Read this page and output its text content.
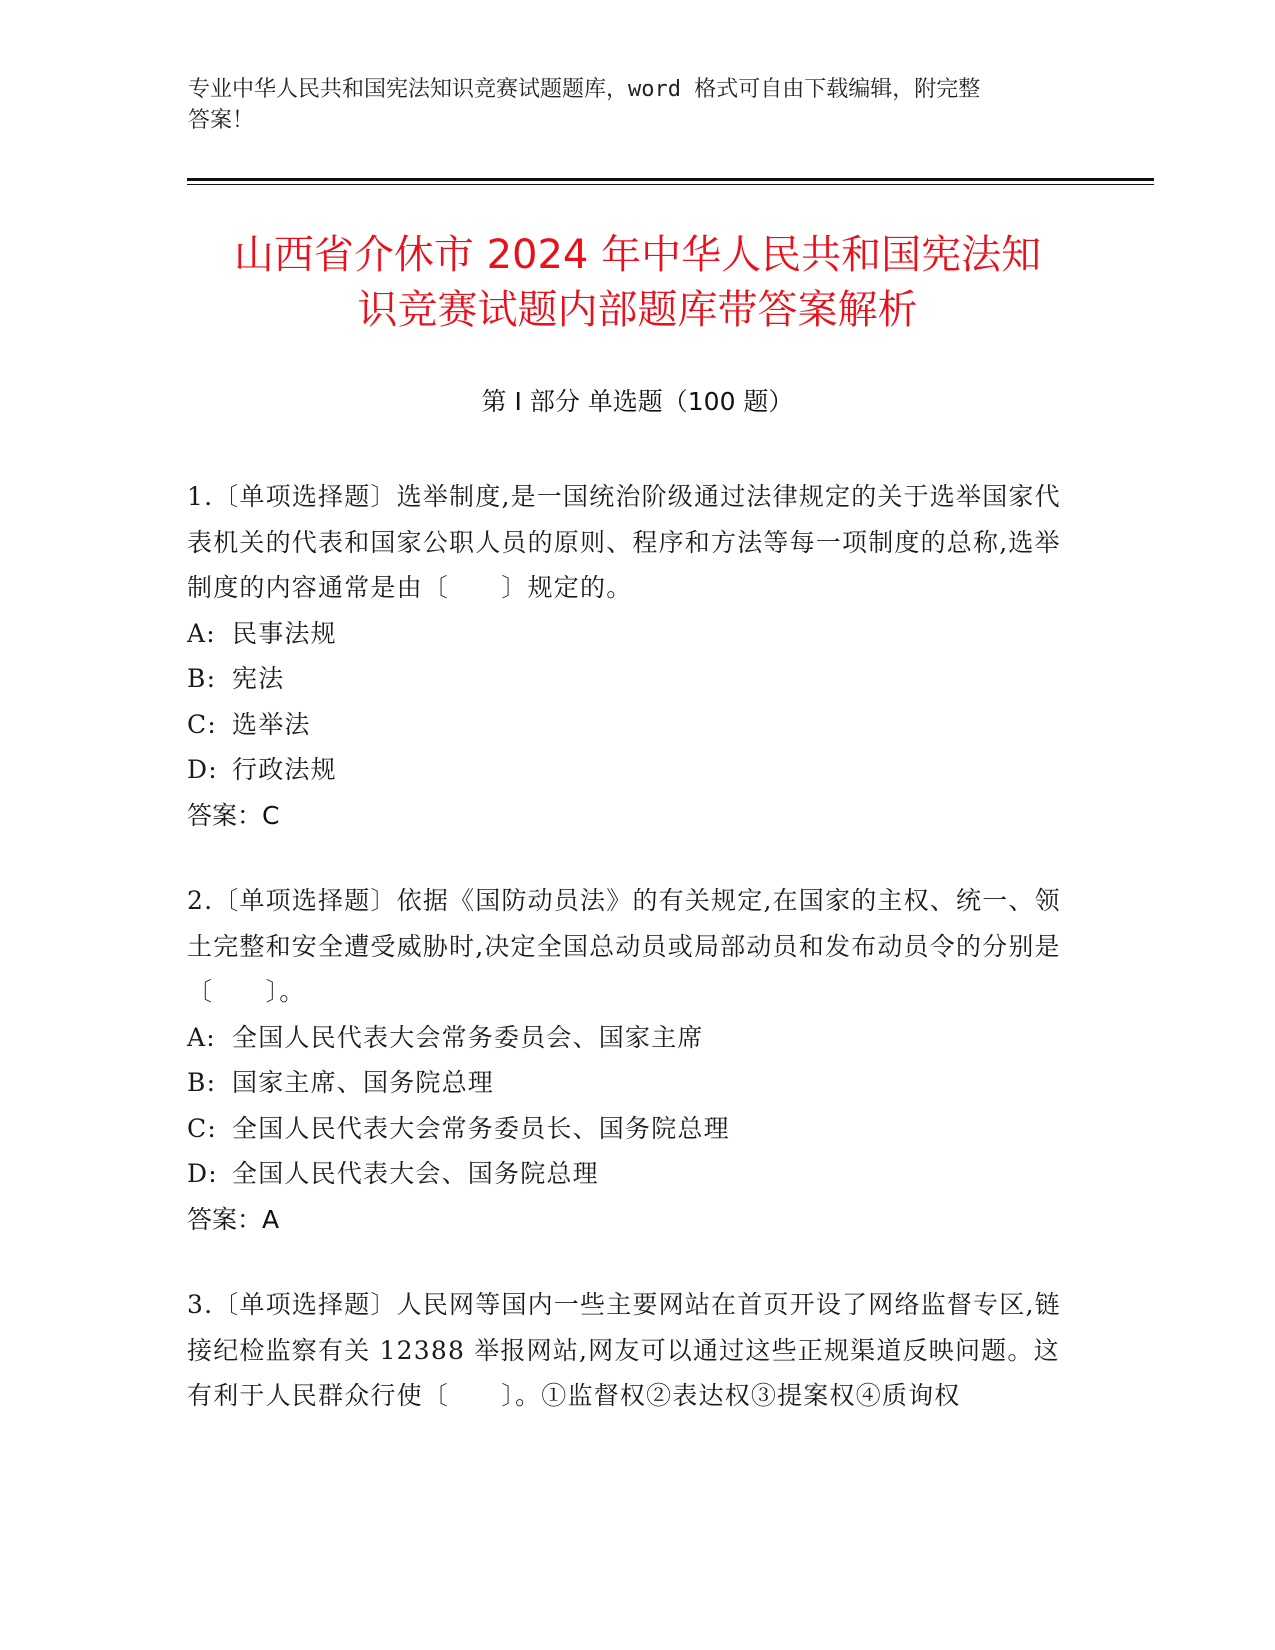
专业中华人民共和国宪法知识竞赛试题题库，word 格式可自由下载编辑，附完整
答案！
山西省介休市 2024 年中华人民共和国宪法知
识竞赛试题内部题库带答案解析
第 I 部分 单选题（100 题）
1.〔单项选择题〕选举制度,是一国统治阶级通过法律规定的关于选举国家代表机关的代表和国家公职人员的原则、程序和方法等每一项制度的总称,选举制度的内容通常是由〔　　〕规定的。
A: 民事法规
B: 宪法
C: 选举法
D: 行政法规
答案：C
2.〔单项选择题〕依据《国防动员法》的有关规定,在国家的主权、统一、领土完整和安全遭受威胁时,决定全国总动员或局部动员和发布动员令的分别是〔　　〕。
A: 全国人民代表大会常务委员会、国家主席
B: 国家主席、国务院总理
C: 全国人民代表大会常务委员长、国务院总理
D: 全国人民代表大会、国务院总理
答案：A
3.〔单项选择题〕人民网等国内一些主要网站在首页开设了网络监督专区,链接纪检监察有关 12388 举报网站,网友可以通过这些正规渠道反映问题。这有利于人民群众行使〔　　〕。①监督权②表达权③提案权④质询权
